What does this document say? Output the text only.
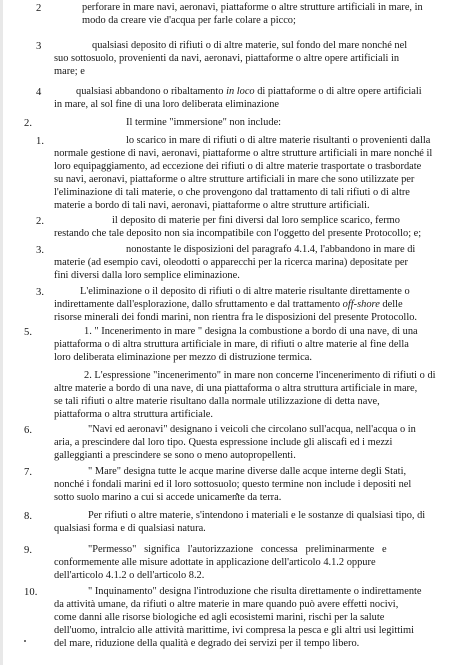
2	perforare in mare navi, aeronavi, piattaforme o altre strutture artificiali in mare, in
modo da creare vie d'acqua per farle colare a picco;
3	qualsiasi deposito di rifiuti o di altre materie, sul fondo del mare nonché nel
suo sottosuolo, provenienti da navi, aeronavi, piattaforme o altre opere artificiali in
mare; e
4	qualsiasi abbandono o ribaltamento in loco di piattaforme o di altre opere artificiali
in mare, al sol fine di una loro deliberata eliminazione
2.	Il termine "immersione" non include:
1.	lo scarico in mare di rifiuti o di altre materie risultanti o provenienti dalla
normale gestione di navi, aeronavi, piattaforme o altre strutture artificiali in mare nonché il
loro equipaggiamento, ad eccezione dei rifiuti o di altre materie trasportate o trasbordate
su navi, aeronavi, piattaforme o altre strutture artificiali in mare che sono utilizzate per
l'eliminazione di tali materie, o che provengono dal trattamento di tali rifiuti o di altre
materie a bordo di tali navi, aeronavi, piattaforme o altre strutture artificiali.
2.	il deposito di materie per fini diversi dal loro semplice scarico, fermo
restando che tale deposito non sia incompatibile con l'oggetto del presente Protocollo; e;
3.	nonostante le disposizioni del paragrafo 4.1.4, l'abbandono in mare di
materie (ad esempio cavi, oleodotti o apparecchi per la ricerca marina) depositate per
fini diversi dalla loro semplice eliminazione.
3.	L'eliminazione o il deposito di rifiuti o di altre materie risultante direttamente o
indirettamente dall'esplorazione, dallo sfruttamento e dal trattamento off-shore delle
risorse minerali dei fondi marini, non rientra fra le disposizioni del presente Protocollo.
5.	1. " Incenerimento in mare " designa la combustione a bordo di una nave, di una
piattaforma o di altra struttura artificiale in mare, di rifiuti o altre materie al fine della
loro deliberata eliminazione per mezzo di distruzione termica.
2. L'espressione "incenerimento" in mare non concerne l'incenerimento di rifiuti o di
altre materie a bordo di una nave, di una piattaforma o altra struttura artificiale in mare,
se tali rifiuti o altre materie risultano dalla normale utilizzazione di detta nave,
piattaforma o altra struttura artificiale.
6.	"Navi ed aeronavi" designano i veicoli che circolano sull'acqua, nell'acqua o in
aria, a prescindere dal loro tipo. Questa espressione include gli aliscafi ed i mezzi
galleggianti a prescindere se sono o meno autopropellenti.
7.	" Mare" designa tutte le acque marine diverse dalle acque interne degli Stati,
nonché i fondali marini ed il loro sottosuolo; questo termine non include i depositi nel
sotto suolo marino a cui si accede unicamente da terra.
8.	Per rifiuti o altre materie, s'intendono i materiali e le sostanze di qualsiasi tipo, di
qualsiasi forma e di qualsiasi natura.
9.	"Permesso"   significa   l'autorizzazione   concessa   preliminarmente   e
conformemente alle misure adottate in applicazione dell'articolo 4.1.2 oppure
dell'articolo 4.1.2 o dell'articolo 8.2.
10.	" Inquinamento" designa l'introduzione che risulta direttamente o indirettamente
da attività umane, da rifiuti o altre materie in mare quando può avere effetti nocivi,
come danni alle risorse biologiche ed agli ecosistemi marini, rischi per la salute
dell'uomo, intralcio alle attività marittime, ivi compresa la pesca e gli altri usi legittimi
del mare, riduzione della qualità e degrado dei servizi per il tempo libero.
